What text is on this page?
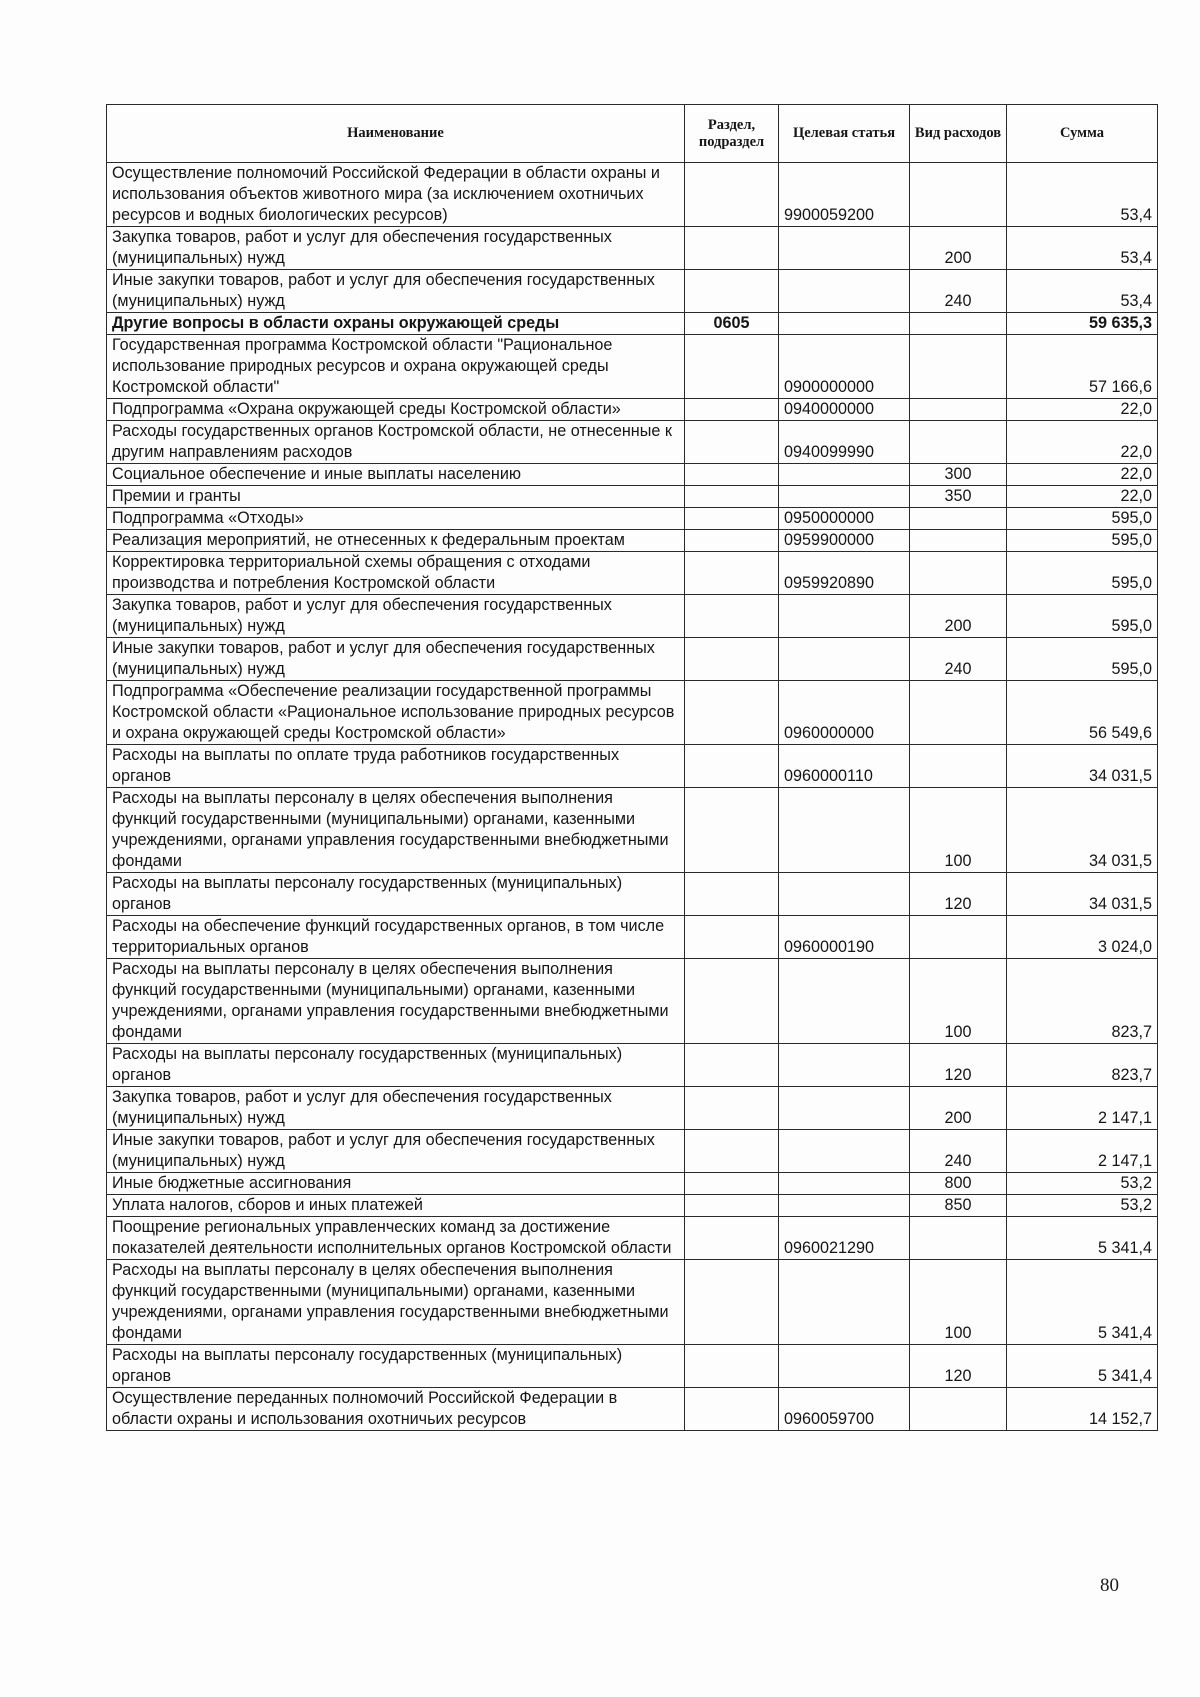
Наименование	Раздел, подраздел	Целевая статья	Вид расходов	Сумма
Осуществление полномочий Российской Федерации в области охраны и использования объектов животного мира (за исключением охотничьих ресурсов и водных биологических ресурсов)		9900059200		53,4
Закупка товаров, работ и услуг для обеспечения государственных (муниципальных) нужд			200	53,4
Иные закупки товаров, работ и услуг для обеспечения государственных (муниципальных) нужд			240	53,4
Другие вопросы в области охраны окружающей среды	0605			59 635,3
Государственная программа Костромской области "Рациональное использование природных ресурсов и охрана окружающей среды Костромской области"		0900000000		57 166,6
Подпрограмма «Охрана окружающей среды Костромской области»		0940000000		22,0
Расходы государственных органов Костромской области, не отнесенные к другим направлениям расходов		0940099990		22,0
Социальное обеспечение и иные выплаты населению			300	22,0
Премии и гранты			350	22,0
Подпрограмма «Отходы»		0950000000		595,0
Реализация мероприятий, не отнесенных к федеральным проектам		0959900000		595,0
Корректировка территориальной схемы обращения с отходами производства и потребления Костромской области		0959920890		595,0
Закупка товаров, работ и услуг для обеспечения государственных (муниципальных) нужд			200	595,0
Иные закупки товаров, работ и услуг для обеспечения государственных (муниципальных) нужд			240	595,0
Подпрограмма «Обеспечение реализации государственной программы Костромской области «Рациональное использование природных ресурсов и охрана окружающей среды Костромской области»		0960000000		56 549,6
Расходы на выплаты по оплате труда работников государственных органов		0960000110		34 031,5
Расходы на выплаты персоналу в целях обеспечения выполнения функций государственными (муниципальными) органами, казенными учреждениями, органами управления государственными внебюджетными фондами			100	34 031,5
Расходы на выплаты персоналу государственных (муниципальных) органов			120	34 031,5
Расходы на обеспечение функций государственных органов, в том числе территориальных органов		0960000190		3 024,0
Расходы на выплаты персоналу в целях обеспечения выполнения функций государственными (муниципальными) органами, казенными учреждениями, органами управления государственными внебюджетными фондами			100	823,7
Расходы на выплаты персоналу государственных (муниципальных) органов			120	823,7
Закупка товаров, работ и услуг для обеспечения государственных (муниципальных) нужд			200	2 147,1
Иные закупки товаров, работ и услуг для обеспечения государственных (муниципальных) нужд			240	2 147,1
Иные бюджетные ассигнования			800	53,2
Уплата налогов, сборов и иных платежей			850	53,2
Поощрение региональных управленческих команд за достижение показателей деятельности исполнительных органов Костромской области		0960021290		5 341,4
Расходы на выплаты персоналу в целях обеспечения выполнения функций государственными (муниципальными) органами, казенными учреждениями, органами управления государственными внебюджетными фондами			100	5 341,4
Расходы на выплаты персоналу государственных (муниципальных) органов			120	5 341,4
Осуществление переданных полномочий Российской Федерации в области охраны и использования охотничьих ресурсов		0960059700		14 152,7
80
